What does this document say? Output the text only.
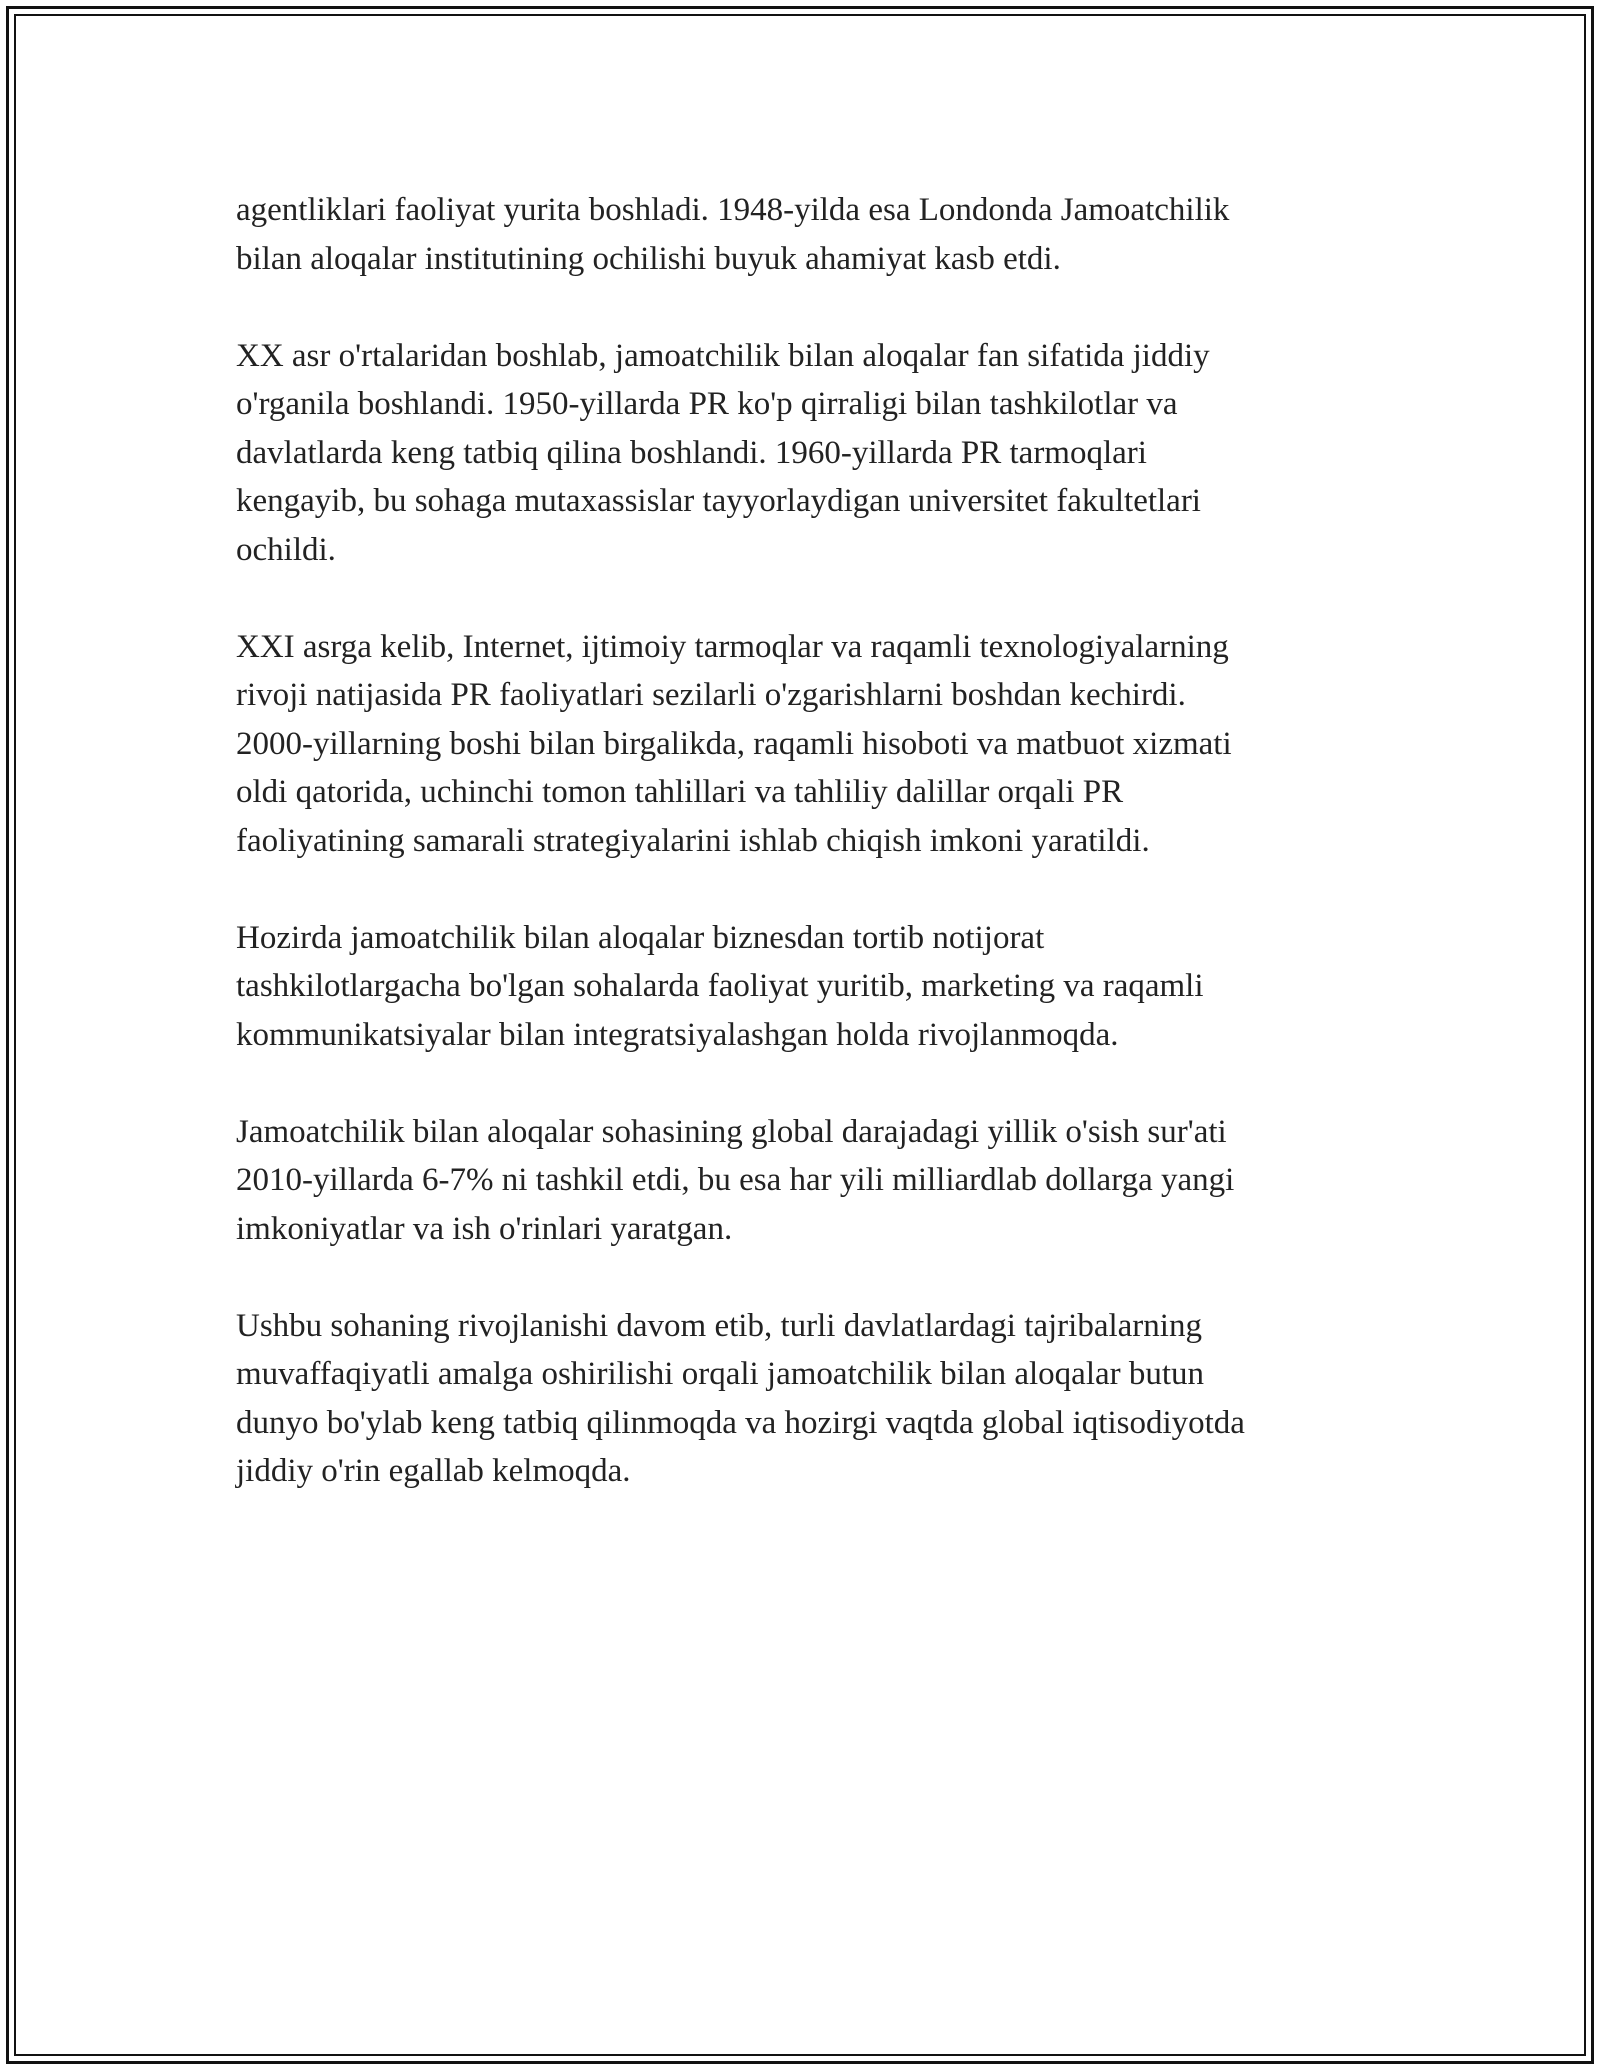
agentliklari faoliyat yurita boshladi. 1948-yilda esa Londonda Jamoatchilik
bilan aloqalar institutining ochilishi buyuk ahamiyat kasb etdi.

XX asr o'rtalaridan boshlab, jamoatchilik bilan aloqalar fan sifatida jiddiy
o'rganila boshlandi. 1950-yillarda PR ko'p qirraligi bilan tashkilotlar va
davlatlarda keng tatbiq qilina boshlandi. 1960-yillarda PR tarmoqlari
kengayib, bu sohaga mutaxassislar tayyorlaydigan universitet fakultetlari
ochildi.

XXI asrga kelib, Internet, ijtimoiy tarmoqlar va raqamli texnologiyalarning
rivoji natijasida PR faoliyatlari sezilarli o'zgarishlarni boshdan kechirdi.
2000-yillarning boshi bilan birgalikda, raqamli hisoboti va matbuot xizmati
oldi qatorida, uchinchi tomon tahlillari va tahliliy dalillar orqali PR
faoliyatining samarali strategiyalarini ishlab chiqish imkoni yaratildi.

Hozirda jamoatchilik bilan aloqalar biznesdan tortib notijorat
tashkilotlargacha bo'lgan sohalarda faoliyat yuritib, marketing va raqamli
kommunikatsiyalar bilan integratsiyalashgan holda rivojlanmoqda.

Jamoatchilik bilan aloqalar sohasining global darajadagi yillik o'sish sur'ati
2010-yillarda 6-7% ni tashkil etdi, bu esa har yili milliardlab dollarga yangi
imkoniyatlar va ish o'rinlari yaratgan.

Ushbu sohaning rivojlanishi davom etib, turli davlatlardagi tajribalarning
muvaffaqiyatli amalga oshirilishi orqali jamoatchilik bilan aloqalar butun
dunyo bo'ylab keng tatbiq qilinmoqda va hozirgi vaqtda global iqtisodiyotda
jiddiy o'rin egallab kelmoqda.
